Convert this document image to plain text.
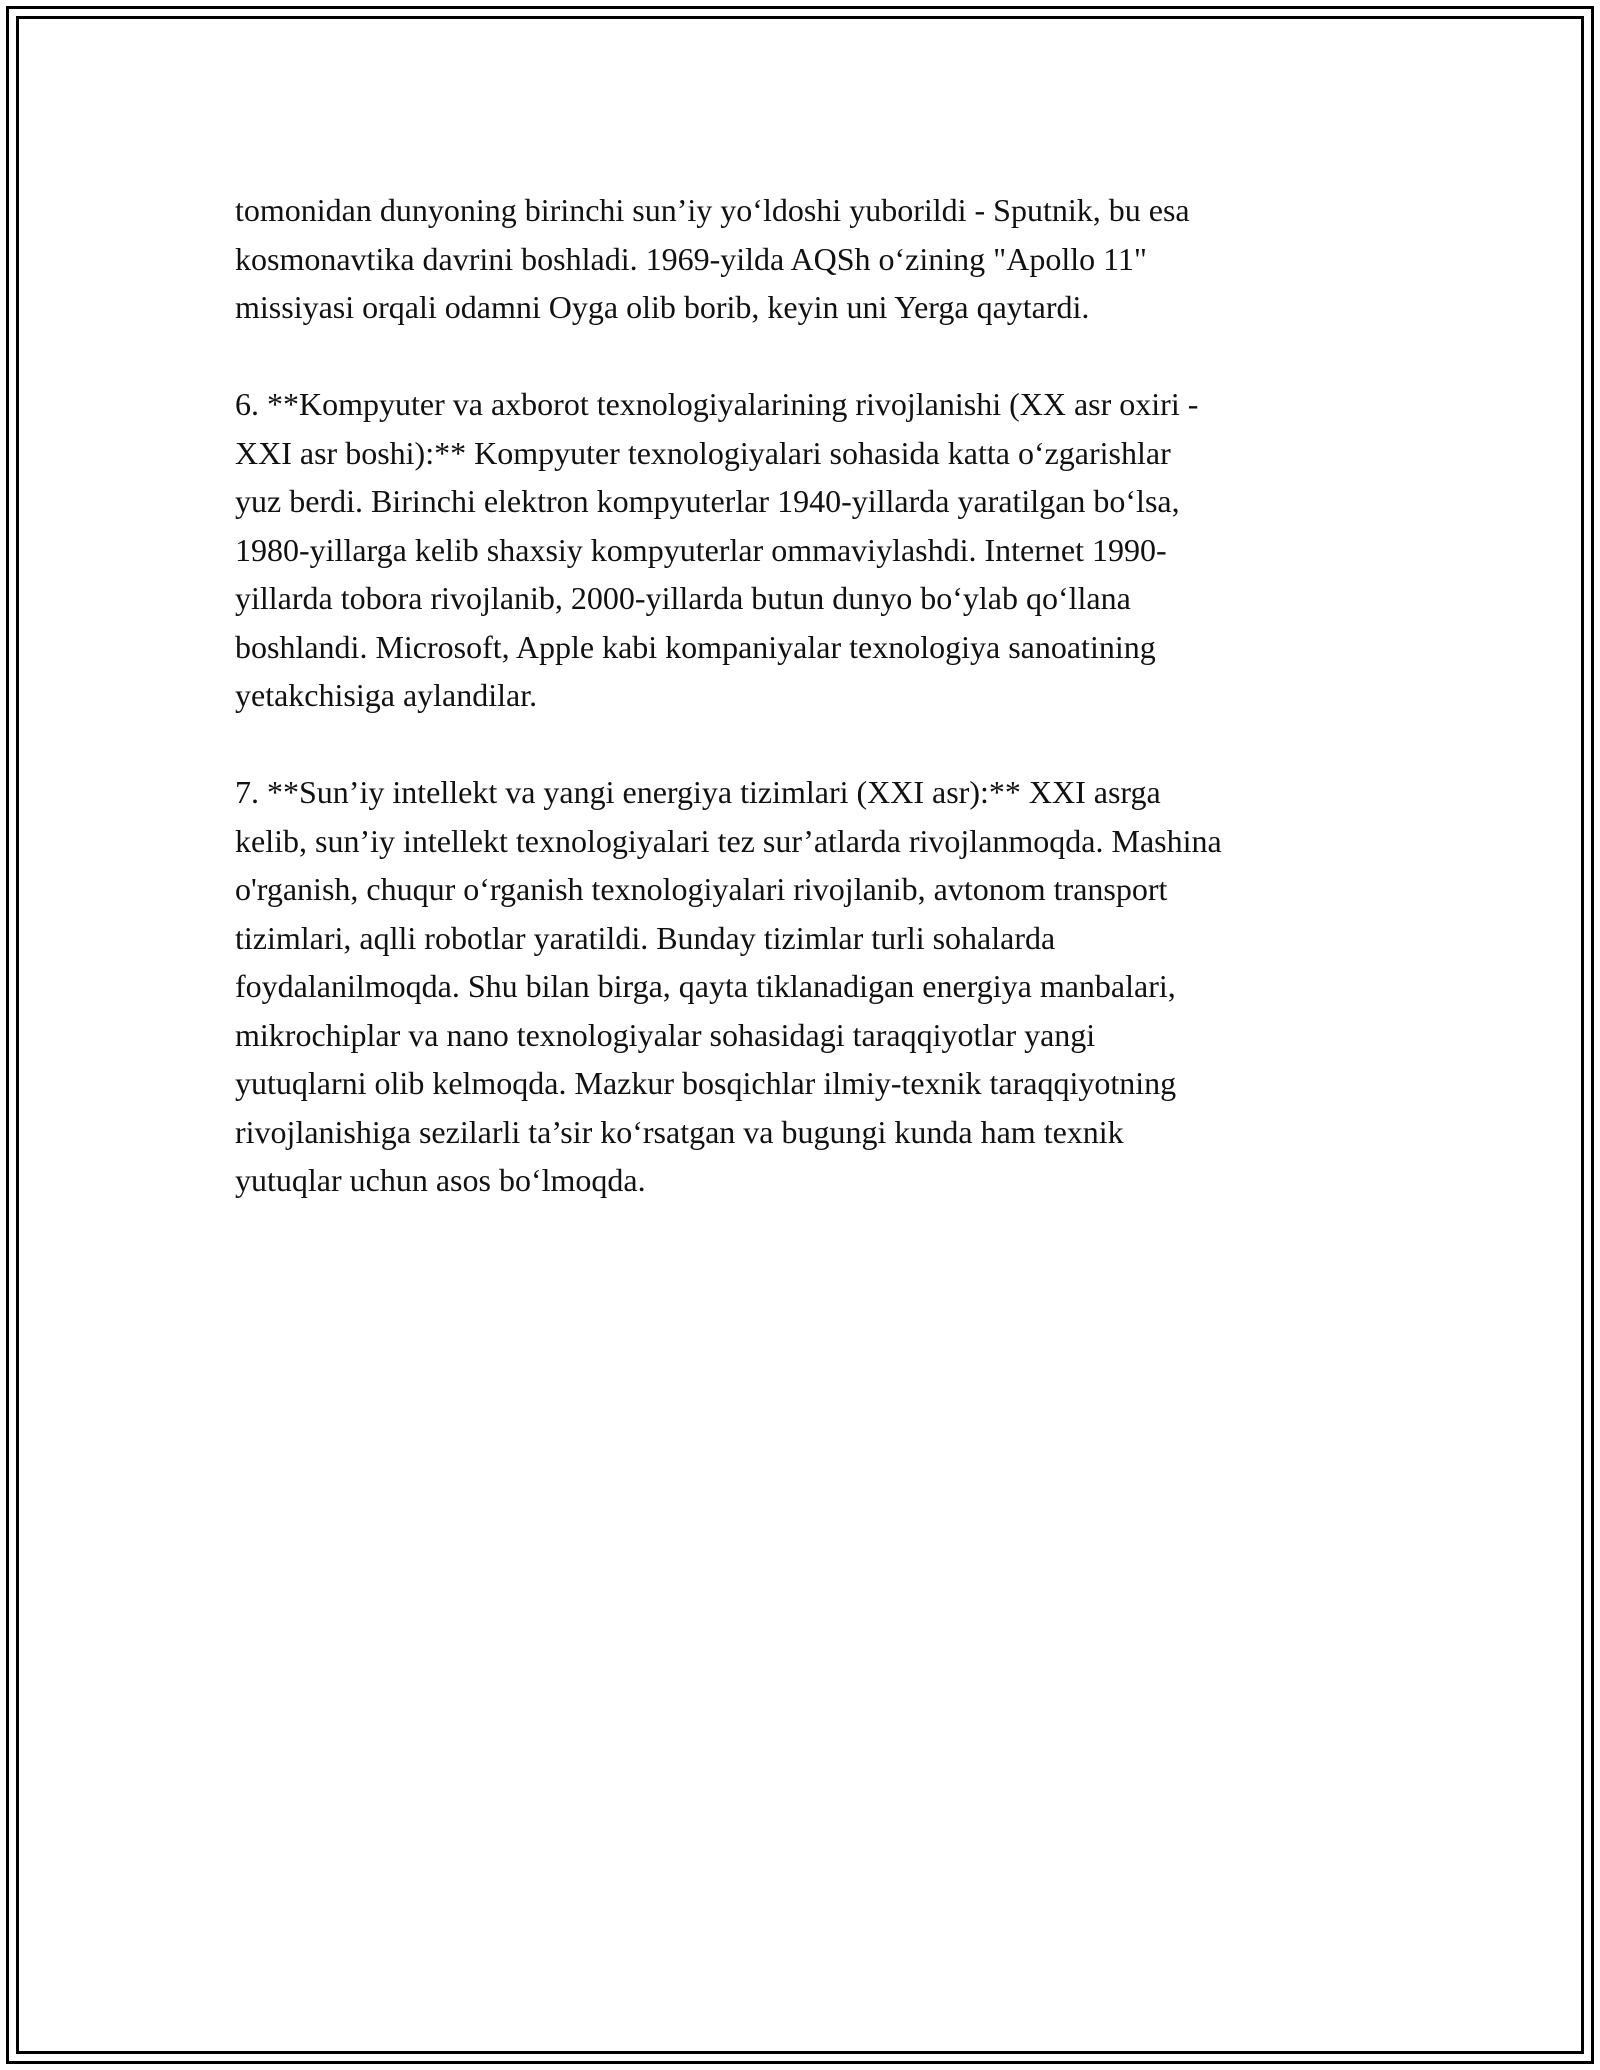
tomonidan dunyoning birinchi sun’iy yo‘ldoshi yuborildi - Sputnik, bu esa
kosmonavtika davrini boshladi. 1969-yilda AQSh o‘zining "Apollo 11"
missiyasi orqali odamni Oyga olib borib, keyin uni Yerga qaytardi.

6. **Kompyuter va axborot texnologiyalarining rivojlanishi (XX asr oxiri -
XXI asr boshi):** Kompyuter texnologiyalari sohasida katta o‘zgarishlar
yuz berdi. Birinchi elektron kompyuterlar 1940-yillarda yaratilgan bo‘lsa,
1980-yillarga kelib shaxsiy kompyuterlar ommaviylashdi. Internet 1990-
yillarda tobora rivojlanib, 2000-yillarda butun dunyo bo‘ylab qo‘llana
boshlandi. Microsoft, Apple kabi kompaniyalar texnologiya sanoatining
yetakchisiga aylandilar.

7. **Sun’iy intellekt va yangi energiya tizimlari (XXI asr):** XXI asrga
kelib, sun’iy intellekt texnologiyalari tez sur’atlarda rivojlanmoqda. Mashina
o'rganish, chuqur o‘rganish texnologiyalari rivojlanib, avtonom transport
tizimlari, aqlli robotlar yaratildi. Bunday tizimlar turli sohalarda
foydalanilmoqda. Shu bilan birga, qayta tiklanadigan energiya manbalari,
mikrochiplar va nano texnologiyalar sohasidagi taraqqiyotlar yangi
yutuqlarni olib kelmoqda. Mazkur bosqichlar ilmiy-texnik taraqqiyotning
rivojlanishiga sezilarli ta’sir ko‘rsatgan va bugungi kunda ham texnik
yutuqlar uchun asos bo‘lmoqda.
